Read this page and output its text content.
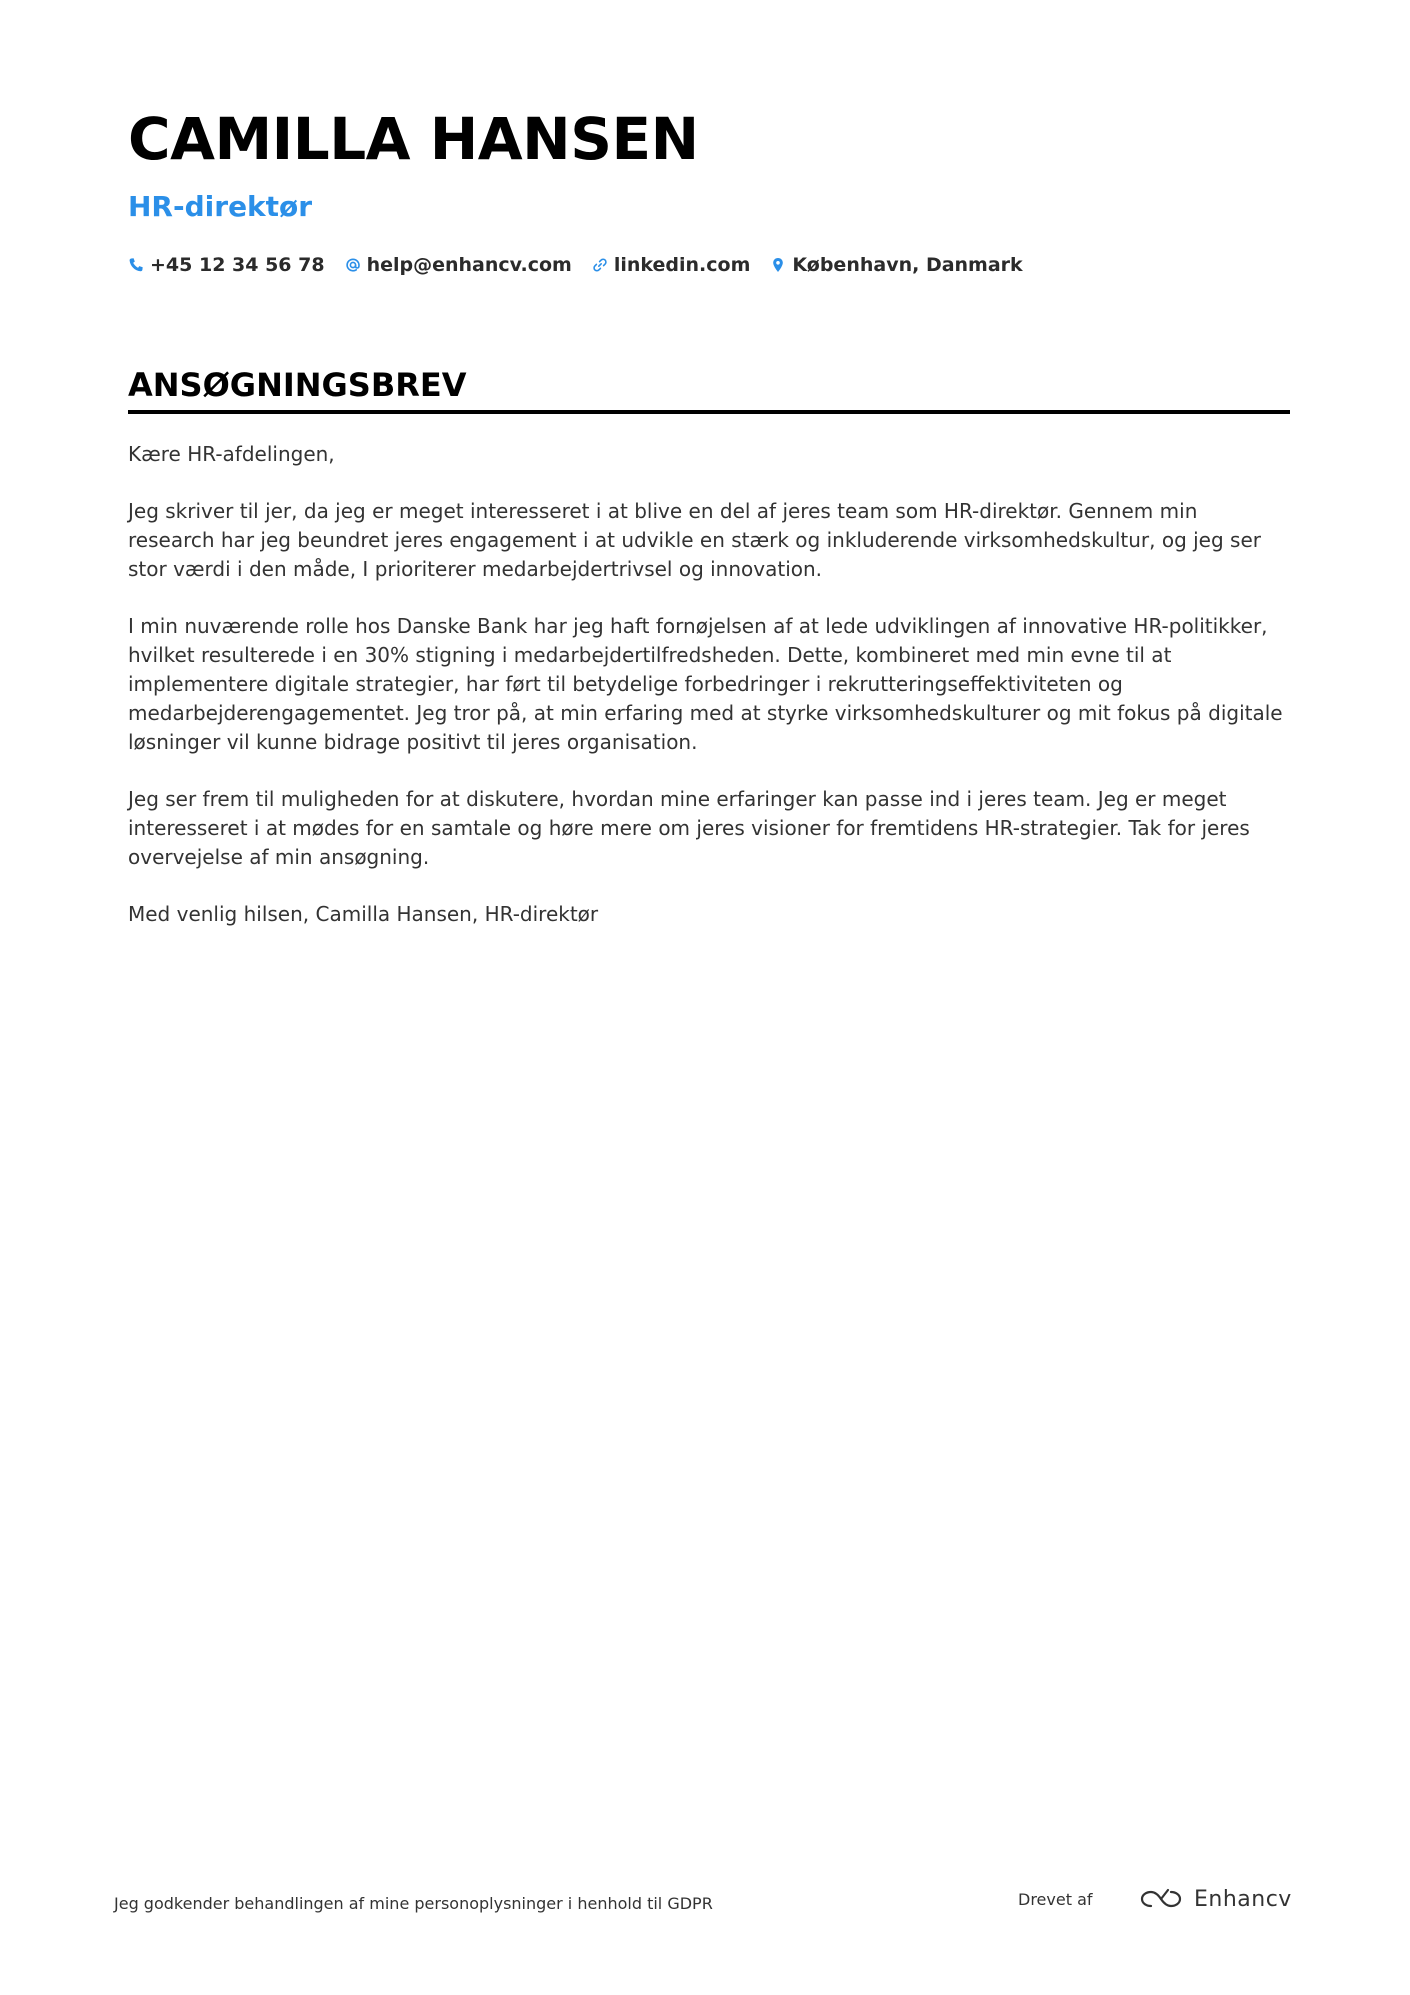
CAMILLA HANSEN
HR-direktør
+45 12 34 56 78 help@enhancv.com linkedin.com København, Danmark
ANSØGNINGSBREV

Kære HR-afdelingen,

Jeg skriver til jer, da jeg er meget interesseret i at blive en del af jeres team som HR-direktør. Gennem min research har jeg beundret jeres engagement i at udvikle en stærk og inkluderende virksomhedskultur, og jeg ser stor værdi i den måde, I prioriterer medarbejdertrivsel og innovation.

I min nuværende rolle hos Danske Bank har jeg haft fornøjelsen af at lede udviklingen af innovative HR-politikker, hvilket resulterede i en 30% stigning i medarbejdertilfredsheden. Dette, kombineret med min evne til at implementere digitale strategier, har ført til betydelige forbedringer i rekrutteringseffektiviteten og medarbejderengagementet. Jeg tror på, at min erfaring med at styrke virksomhedskulturer og mit fokus på digitale løsninger vil kunne bidrage positivt til jeres organisation.

Jeg ser frem til muligheden for at diskutere, hvordan mine erfaringer kan passe ind i jeres team. Jeg er meget interesseret i at mødes for en samtale og høre mere om jeres visioner for fremtidens HR-strategier. Tak for jeres overvejelse af min ansøgning.

Med venlig hilsen, Camilla Hansen, HR-direktør

Jeg godkender behandlingen af mine personoplysninger i henhold til GDPR	Drevet af	Enhancv
